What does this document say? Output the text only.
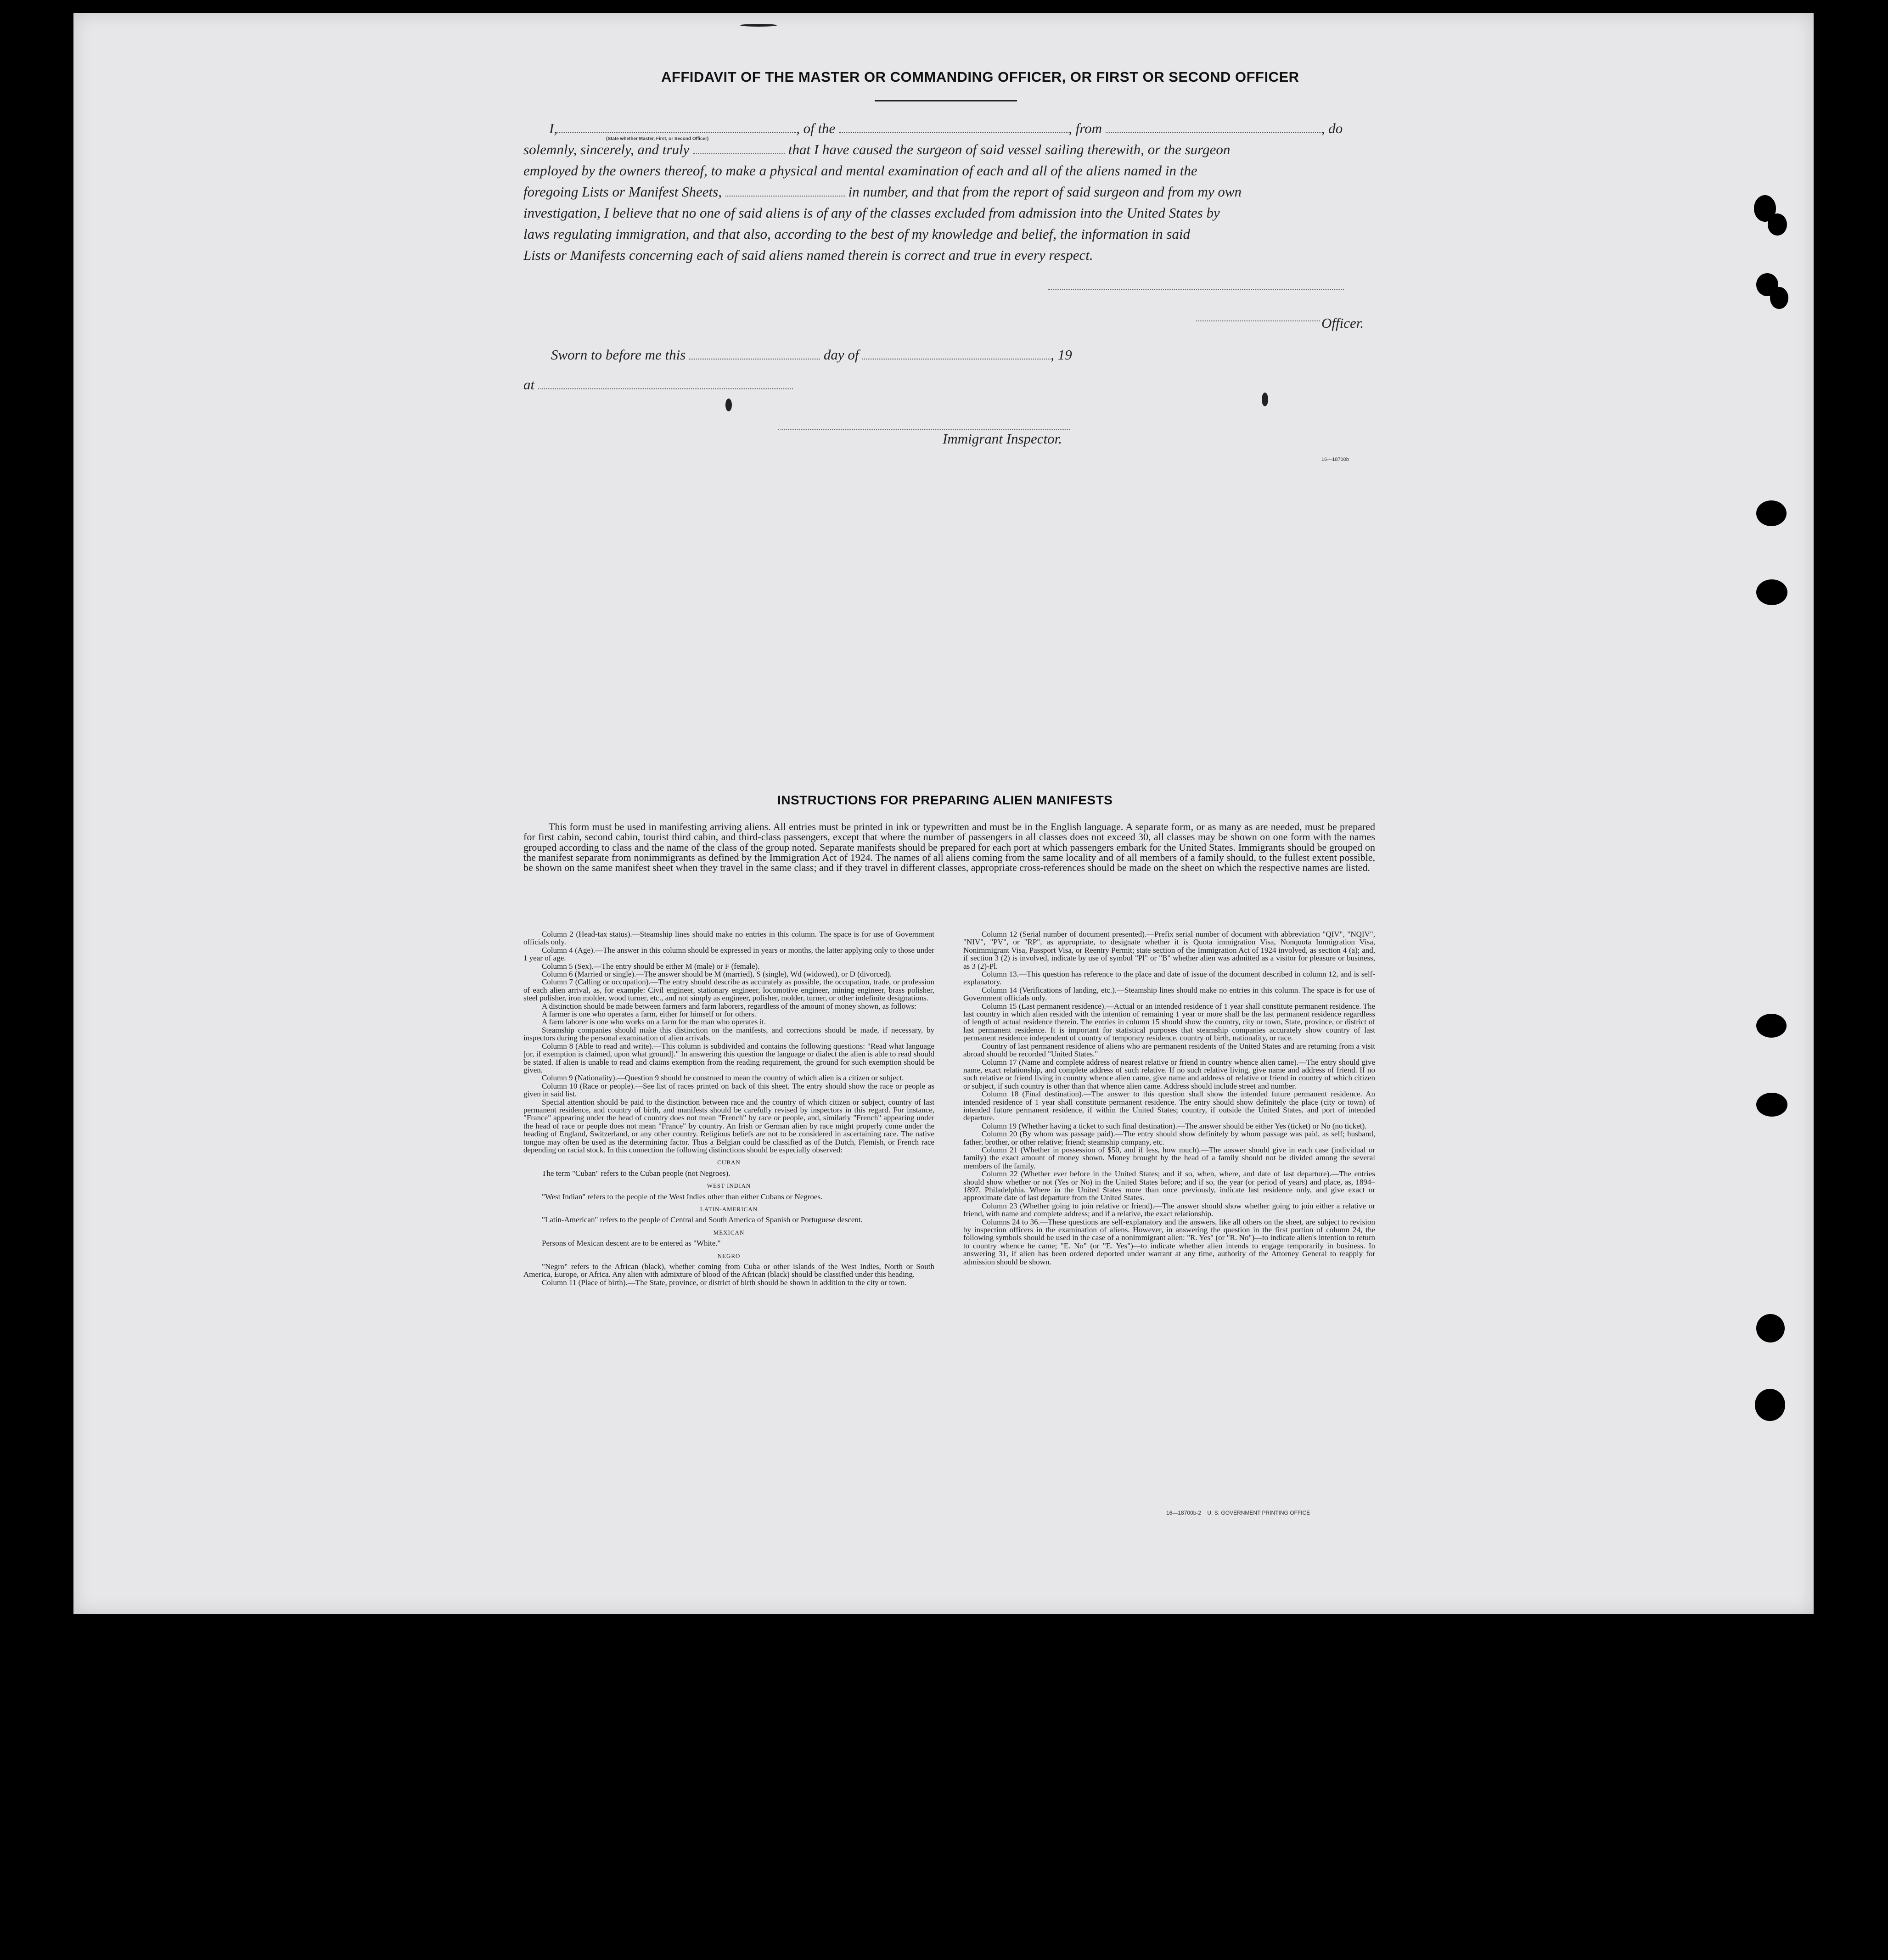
AFFIDAVIT OF THE MASTER OR COMMANDING OFFICER, OR FIRST OR SECOND OFFICER
I,	, of the	, from	, do
(State whether Master, First, or Second Officer)
solemnly, sincerely, and truly	that I have caused the surgeon of said vessel sailing therewith, or the surgeon
employed by the owners thereof, to make a physical and mental examination of each and all of the aliens named in the
foregoing Lists or Manifest Sheets,	in number, and that from the report of said surgeon and from my own
investigation, I believe that no one of said aliens is of any of the classes excluded from admission into the United States by
laws regulating immigration, and that also, according to the best of my knowledge and belief, the information in said
Lists or Manifests concerning each of said aliens named therein is correct and true in every respect.
Officer.
Sworn to before me this	day of	, 19
at
Immigrant Inspector.
16—18700b
INSTRUCTIONS FOR PREPARING ALIEN MANIFESTS
This form must be used in manifesting arriving aliens. All entries must be printed in ink or typewritten and must be in the English language. A separate form, or as many as are needed, must be prepared for first cabin, second cabin, tourist third cabin, and third-class passengers, except that where the number of passengers in all classes does not exceed 30, all classes may be shown on one form with the names grouped according to class and the name of the class of the group noted. Separate manifests should be prepared for each port at which passengers embark for the United States. Immigrants should be grouped on the manifest separate from nonimmigrants as defined by the Immigration Act of 1924. The names of all aliens coming from the same locality and of all members of a family should, to the fullest extent possible, be shown on the same manifest sheet when they travel in the same class; and if they travel in different classes, appropriate cross-references should be made on the sheet on which the respective names are listed.

Column 2 (Head-tax status).—Steamship lines should make no entries in this column. The space is for use of Government officials only.

Column 4 (Age).—The answer in this column should be expressed in years or months, the latter applying only to those under 1 year of age.

Column 5 (Sex).—The entry should be either M (male) or F (female).

Column 6 (Married or single).—The answer should be M (married), S (single), Wd (widowed), or D (divorced).

Column 7 (Calling or occupation).—The entry should describe as accurately as possible, the occupation, trade, or profession of each alien arrival, as, for example: Civil engineer, stationary engineer, locomotive engineer, mining engineer, brass polisher, steel polisher, iron molder, wood turner, etc., and not simply as engineer, polisher, molder, turner, or other indefinite designations.

A distinction should be made between farmers and farm laborers, regardless of the amount of money shown, as follows:

A farmer is one who operates a farm, either for himself or for others.

A farm laborer is one who works on a farm for the man who operates it.

Steamship companies should make this distinction on the manifests, and corrections should be made, if necessary, by inspectors during the personal examination of alien arrivals.

Column 8 (Able to read and write).—This column is subdivided and contains the following questions: "Read what language [or, if exemption is claimed, upon what ground]." In answering this question the language or dialect the alien is able to read should be stated. If alien is unable to read and claims exemption from the reading requirement, the ground for such exemption should be given.

Column 9 (Nationality).—Question 9 should be construed to mean the country of which alien is a citizen or subject.

Column 10 (Race or people).—See list of races printed on back of this sheet. The entry should show the race or people as given in said list.

Special attention should be paid to the distinction between race and the country of which citizen or subject, country of last permanent residence, and country of birth, and manifests should be carefully revised by inspectors in this regard. For instance, "France" appearing under the head of country does not mean "French" by race or people, and, similarly "French" appearing under the head of race or people does not mean "France" by country. An Irish or German alien by race might properly come under the heading of England, Switzerland, or any other country. Religious beliefs are not to be considered in ascertaining race. The native tongue may often be used as the determining factor. Thus a Belgian could be classified as of the Dutch, Flemish, or French race depending on racial stock. In this connection the following distinctions should be especially observed:

CUBAN

The term "Cuban" refers to the Cuban people (not Negroes).

WEST INDIAN

"West Indian" refers to the people of the West Indies other than either Cubans or Negroes.

LATIN-AMERICAN

"Latin-American" refers to the people of Central and South America of Spanish or Portuguese descent.

MEXICAN

Persons of Mexican descent are to be entered as "White."

NEGRO

"Negro" refers to the African (black), whether coming from Cuba or other islands of the West Indies, North or South America, Europe, or Africa. Any alien with admixture of blood of the African (black) should be classified under this heading.

Column 11 (Place of birth).—The State, province, or district of birth should be shown in addition to the city or town.

Column 12 (Serial number of document presented).—Prefix serial number of document with abbreviation "QIV", "NQIV", "NIV", "PV", or "RP", as appropriate, to designate whether it is Quota immigration Visa, Nonquota Immigration Visa, Nonimmigrant Visa, Passport Visa, or Reentry Permit; state section of the Immigration Act of 1924 involved, as section 4 (a); and, if section 3 (2) is involved, indicate by use of symbol "Pl" or "B" whether alien was admitted as a visitor for pleasure or business, as 3 (2)-Pl.

Column 13.—This question has reference to the place and date of issue of the document described in column 12, and is self-explanatory.

Column 14 (Verifications of landing, etc.).—Steamship lines should make no entries in this column. The space is for use of Government officials only.

Column 15 (Last permanent residence).—Actual or an intended residence of 1 year shall constitute permanent residence. The last country in which alien resided with the intention of remaining 1 year or more shall be the last permanent residence regardless of length of actual residence therein. The entries in column 15 should show the country, city or town, State, province, or district of last permanent residence. It is important for statistical purposes that steamship companies accurately show country of last permanent residence independent of country of temporary residence, country of birth, nationality, or race.

Country of last permanent residence of aliens who are permanent residents of the United States and are returning from a visit abroad should be recorded "United States."

Column 17 (Name and complete address of nearest relative or friend in country whence alien came).—The entry should give name, exact relationship, and complete address of such relative. If no such relative living, give name and address of friend. If no such relative or friend living in country whence alien came, give name and address of relative or friend in country of which citizen or subject, if such country is other than that whence alien came. Address should include street and number.

Column 18 (Final destination).—The answer to this question shall show the intended future permanent residence. An intended residence of 1 year shall constitute permanent residence. The entry should show definitely the place (city or town) of intended future permanent residence, if within the United States; country, if outside the United States, and port of intended departure.

Column 19 (Whether having a ticket to such final destination).—The answer should be either Yes (ticket) or No (no ticket).

Column 20 (By whom was passage paid).—The entry should show definitely by whom passage was paid, as self; husband, father, brother, or other relative; friend; steamship company, etc.

Column 21 (Whether in possession of $50, and if less, how much).—The answer should give in each case (individual or family) the exact amount of money shown. Money brought by the head of a family should not be divided among the several members of the family.

Column 22 (Whether ever before in the United States; and if so, when, where, and date of last departure).—The entries should show whether or not (Yes or No) in the United States before; and if so, the year (or period of years) and place, as, 1894–1897, Philadelphia. Where in the United States more than once previously, indicate last residence only, and give exact or approximate date of last departure from the United States.

Column 23 (Whether going to join relative or friend).—The answer should show whether going to join either a relative or friend, with name and complete address; and if a relative, the exact relationship.

Columns 24 to 36.—These questions are self-explanatory and the answers, like all others on the sheet, are subject to revision by inspection officers in the examination of aliens. However, in answering the question in the first portion of column 24, the following symbols should be used in the case of a nonimmigrant alien: "R. Yes" (or "R. No")—to indicate alien's intention to return to country whence he came; "E. No" (or "E. Yes")—to indicate whether alien intends to engage temporarily in business. In answering 31, if alien has been ordered deported under warrant at any time, authority of the Attorney General to reapply for admission should be shown.

16—18700b-2    U. S. GOVERNMENT PRINTING OFFICE
